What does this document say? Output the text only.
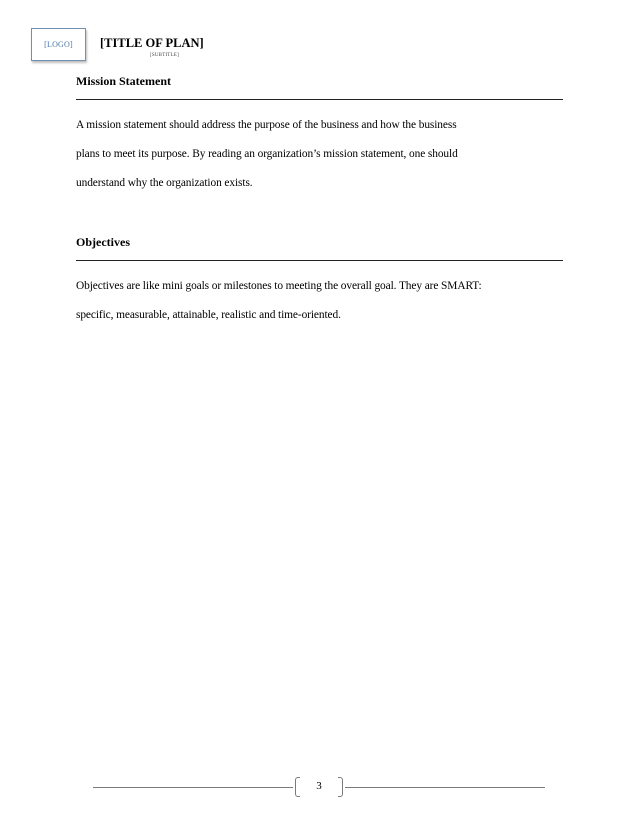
[LOGO] [TITLE OF PLAN]
[SUBTITLE]
Mission Statement
A mission statement should address the purpose of the business and how the business
plans to meet its purpose. By reading an organization’s mission statement, one should
understand why the organization exists.
Objectives
Objectives are like mini goals or milestones to meeting the overall goal. They are SMART:
specific, measurable, attainable, realistic and time-oriented.
3
